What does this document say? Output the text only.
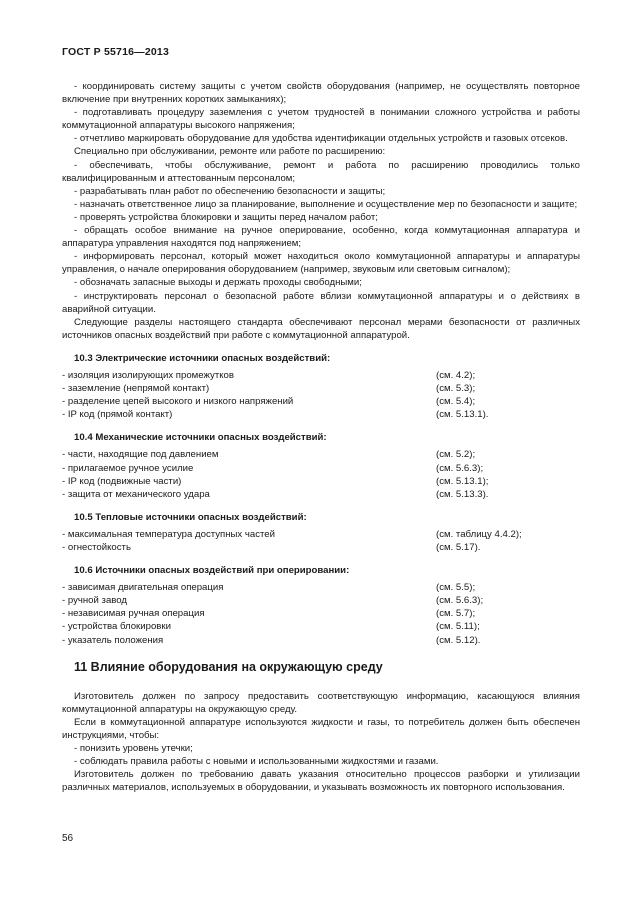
ГОСТ Р 55716—2013

- координировать систему защиты с учетом свойств оборудования (например, не осуществлять повторное включение при внутренних коротких замыканиях);

- подготавливать процедуру заземления с учетом трудностей в понимании сложного устройства и работы коммутационной аппаратуры высокого напряжения;

- отчетливо маркировать оборудование для удобства идентификации отдельных устройств и газовых отсеков.

Специально при обслуживании, ремонте или работе по расширению:

- обеспечивать, чтобы обслуживание, ремонт и работа по расширению проводились только квалифицированным и аттестованным персоналом;

- разрабатывать план работ по обеспечению безопасности и защиты;

- назначать ответственное лицо за планирование, выполнение и осуществление мер по безопасности и защите;

- проверять устройства блокировки и защиты перед началом работ;

- обращать особое внимание на ручное оперирование, особенно, когда коммутационная аппаратура и аппаратура управления находятся под напряжением;

- информировать персонал, который может находиться около коммутационной аппаратуры и аппаратуры управления, о начале оперирования оборудованием (например, звуковым или световым сигналом);

- обозначать запасные выходы и держать проходы свободными;

- инструктировать персонал о безопасной работе вблизи коммутационной аппаратуры и о действиях в аварийной ситуации.

Следующие разделы настоящего стандарта обеспечивают персонал мерами безопасности от различных источников опасных воздействий при работе с коммутационной аппаратурой.

10.3 Электрические источники опасных воздействий:
- изоляция изолирующих промежутков	(см. 4.2);
- заземление (непрямой контакт)	(см. 5.3);
- разделение цепей высокого и низкого напряжений	(см. 5.4);
- IP код (прямой контакт)	(см. 5.13.1).
10.4 Механические источники опасных воздействий:
- части, находящие под давлением	(см. 5.2);
- прилагаемое ручное усилие	(см. 5.6.3);
- IP код (подвижные части)	(см. 5.13.1);
- защита от механического удара	(см. 5.13.3).
10.5 Тепловые источники опасных воздействий:
- максимальная температура доступных частей	(см. таблицу 4.4.2);
- огнестойкость	(см. 5.17).
10.6 Источники опасных воздействий при оперировании:
- зависимая двигательная операция	(см. 5.5);
- ручной завод	(см. 5.6.3);
- независимая ручная операция	(см. 5.7);
- устройства блокировки	(см. 5.11);
- указатель положения	(см. 5.12).
11 Влияние оборудования на окружающую среду

Изготовитель должен по запросу предоставить соответствующую информацию, касающуюся влияния коммутационной аппаратуры на окружающую среду.

Если в коммутационной аппаратуре используются жидкости и газы, то потребитель должен быть обеспечен инструкциями, чтобы:

- понизить уровень утечки;

- соблюдать правила работы с новыми и использованными жидкостями и газами.

Изготовитель должен по требованию давать указания относительно процессов разборки и утилизации различных материалов, используемых в оборудовании, и указывать возможность их повторного использования.

56
